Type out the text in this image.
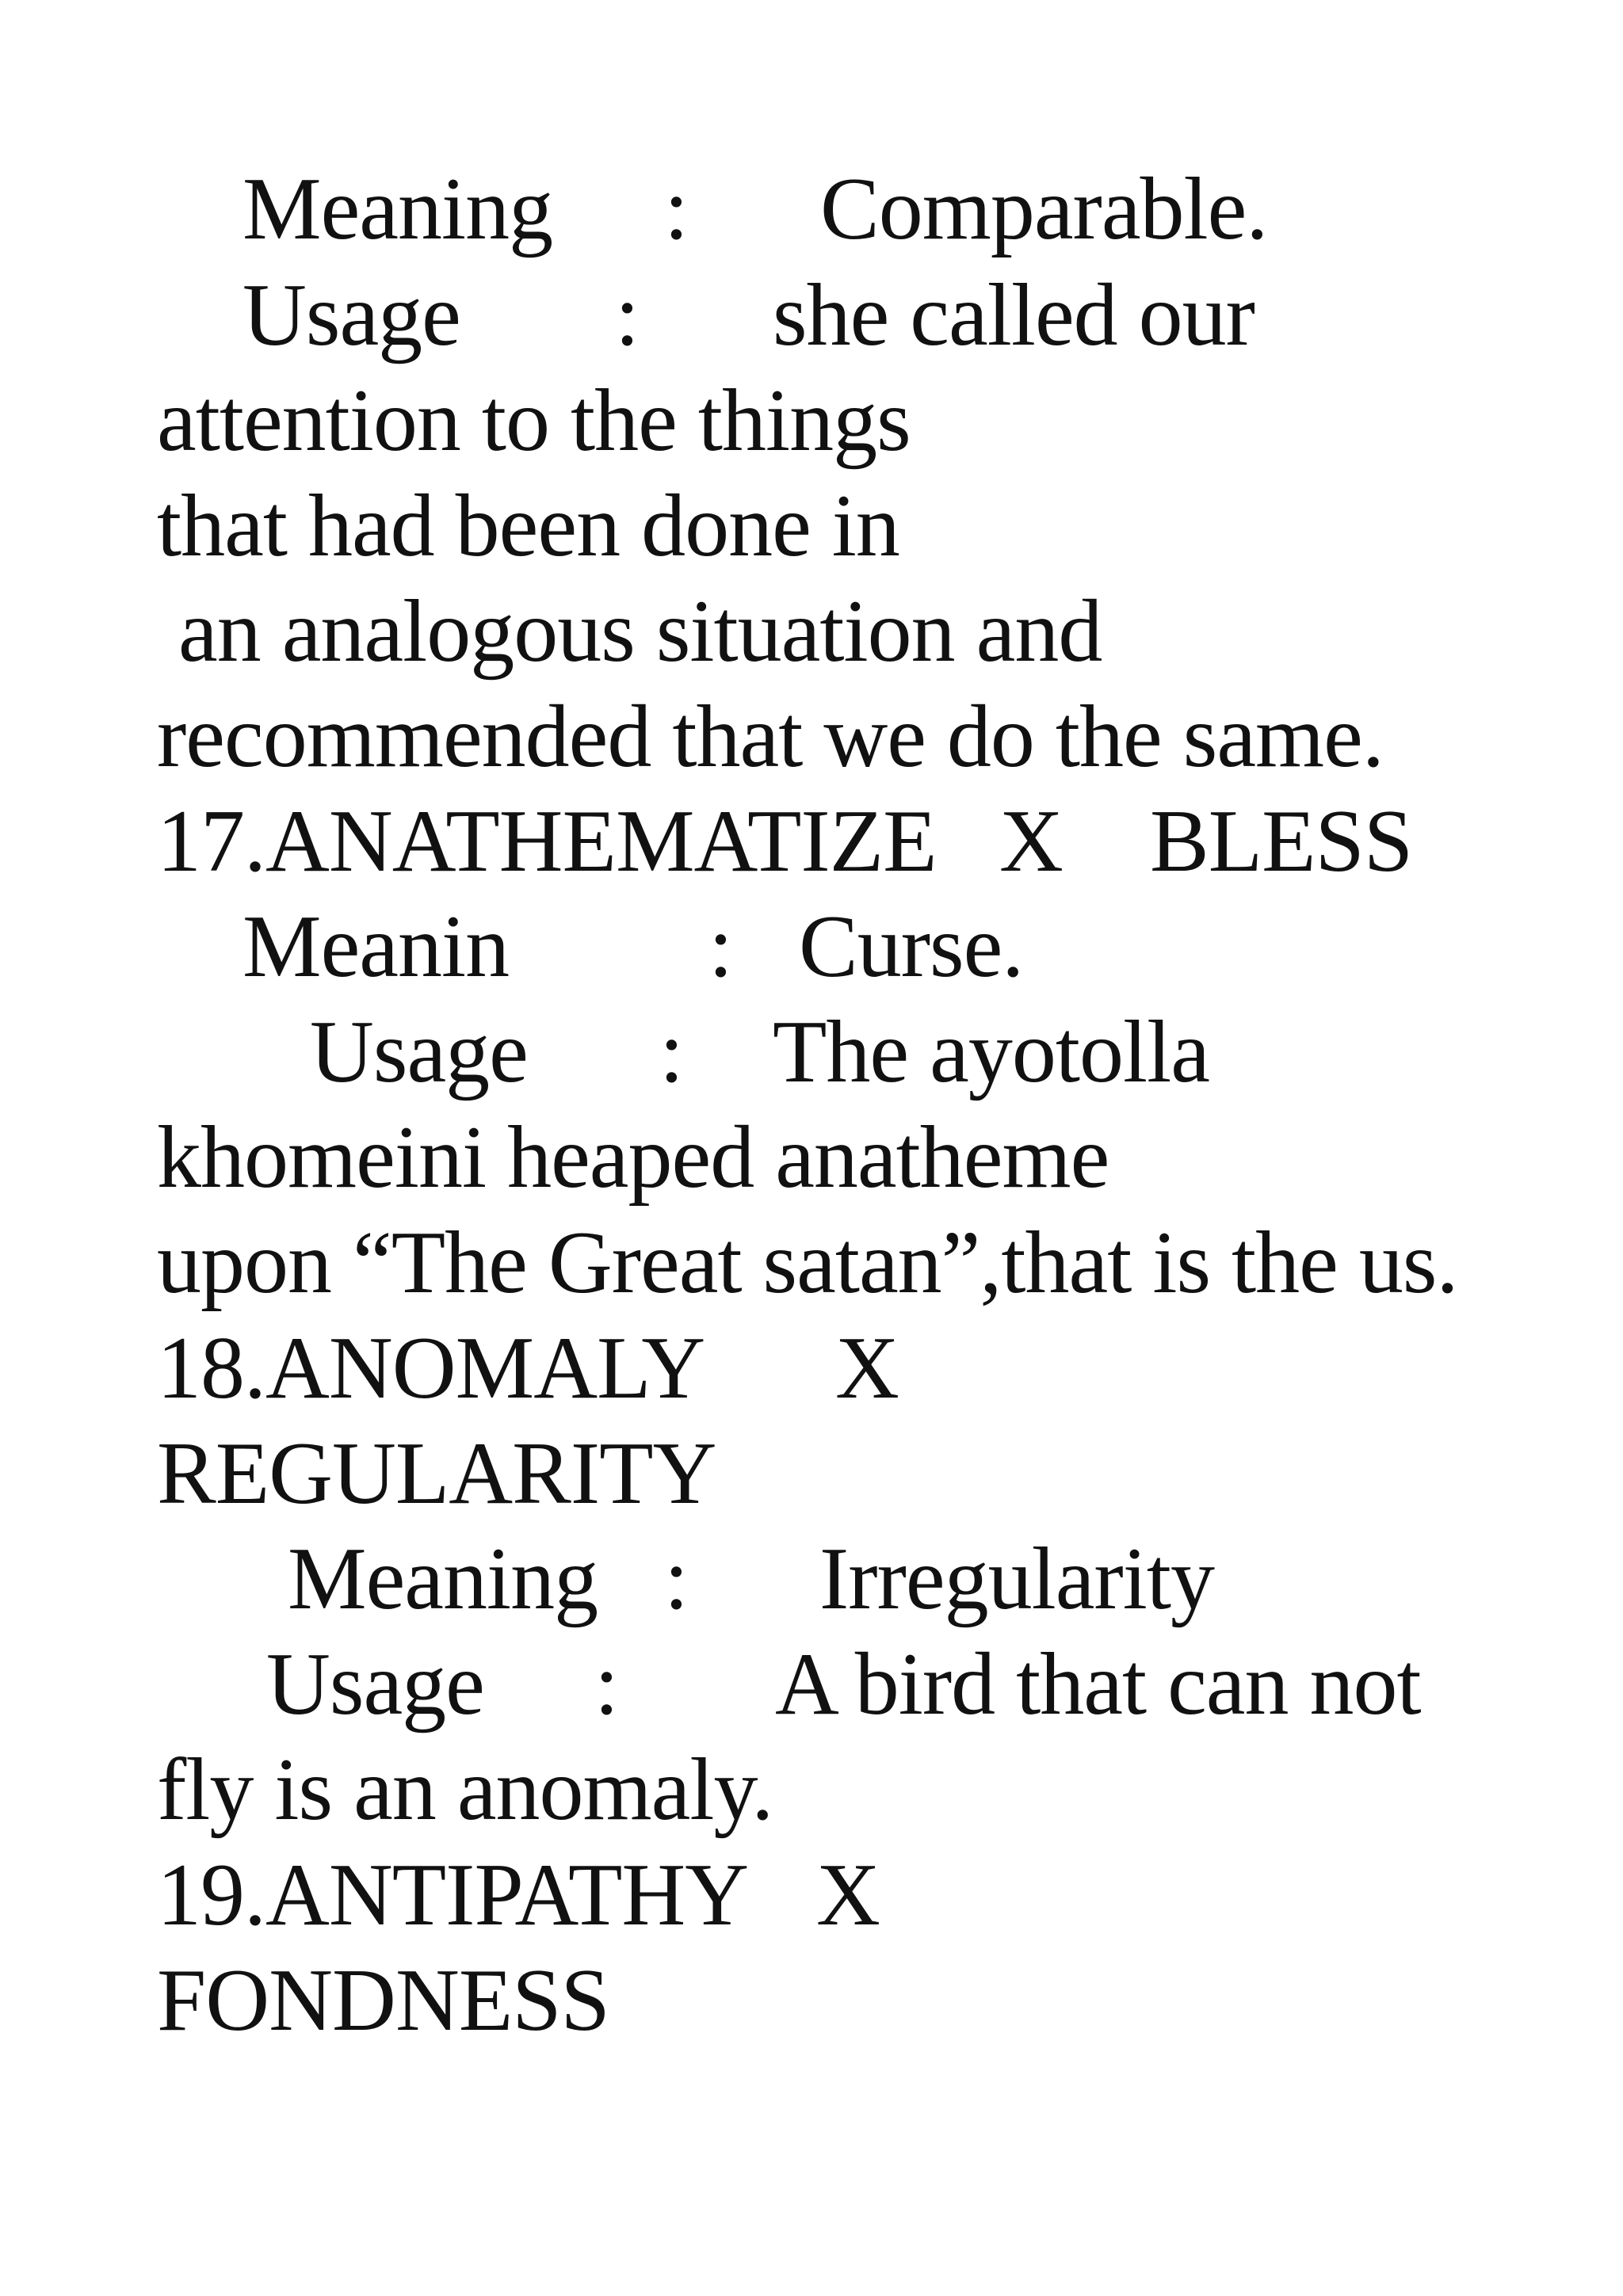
Meaning

:

Comparable.

Usage

:

she called our

attention to the things
that had been done in
an analogous situation and
recommended that we do the same.

17.ANATHEMATIZE

X

BLESS

Meanin

:

Curse.

Usage

:

The ayotolla

khomeini heaped anatheme
upon “The Great satan”,that is the us.

18.ANOMALY

X

REGULARITY

Meaning

:

Irregularity

Usage

:

A bird that can not

fly is an anomaly.

19.ANTIPATHY

X

FONDNESS
